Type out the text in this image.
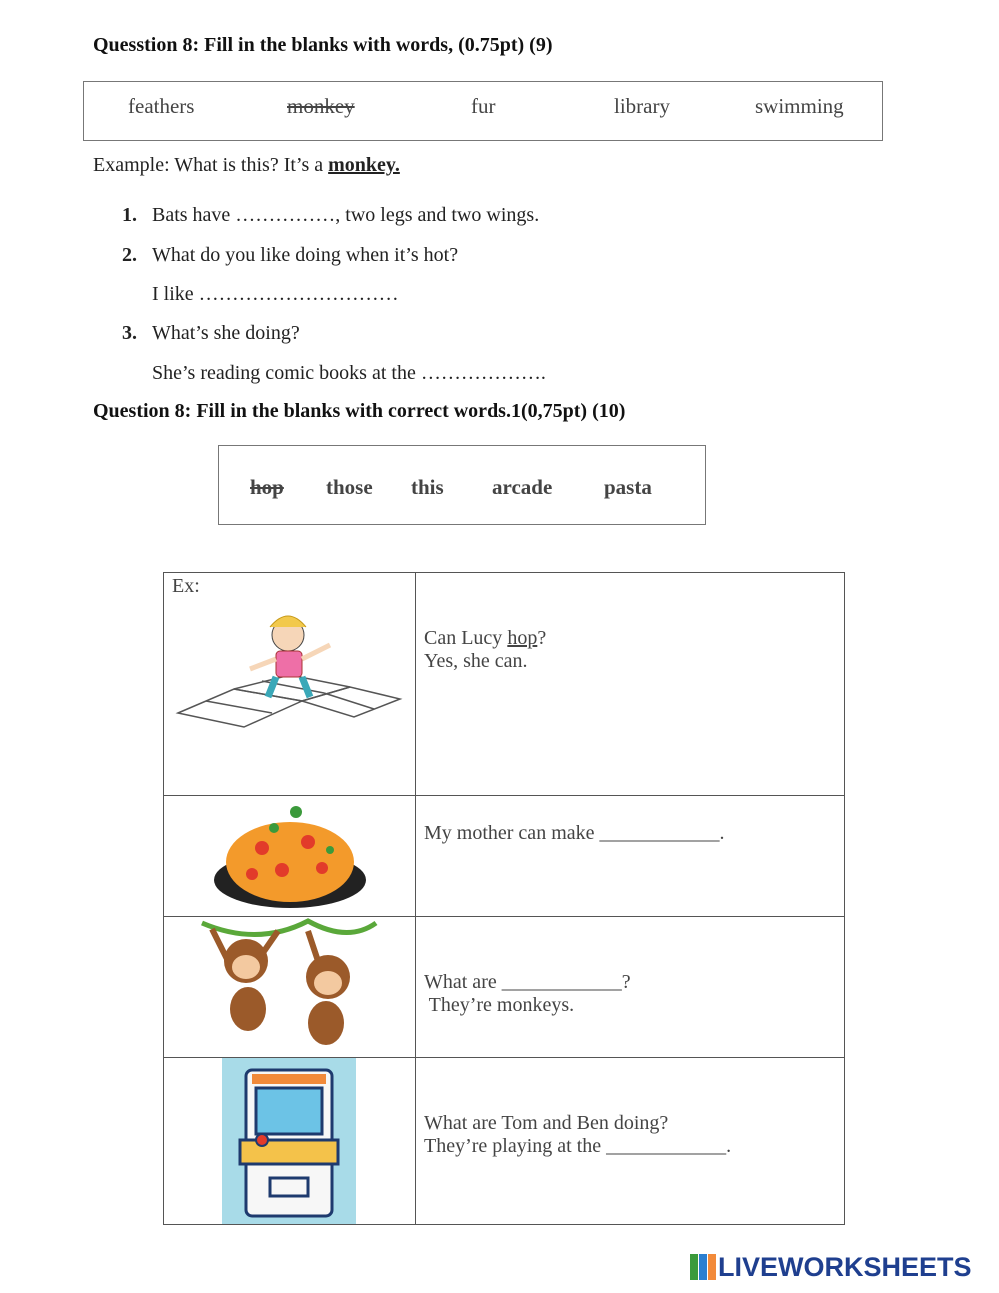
Quesstion 8: Fill in the blanks with words, (0.75pt) (9)
feathers	monkey	fur	library	swimming
Example: What is this? It’s a monkey.
1. Bats have ……………, two legs and two wings.
2. What do you like doing when it’s hot?
I like …………………………
3. What’s she doing?
She’s reading comic books at the ……………….
Question 8: Fill in the blanks with correct words.1(0,75pt) (10)
hop those this arcade pasta
Ex:	Can Lucy hop?
Yes, she can.

My mother can make ____________.

What are ____________?
They’re monkeys.

What are Tom and Ben doing?
They’re playing at the ____________.
LIVEWORKSHEETS
